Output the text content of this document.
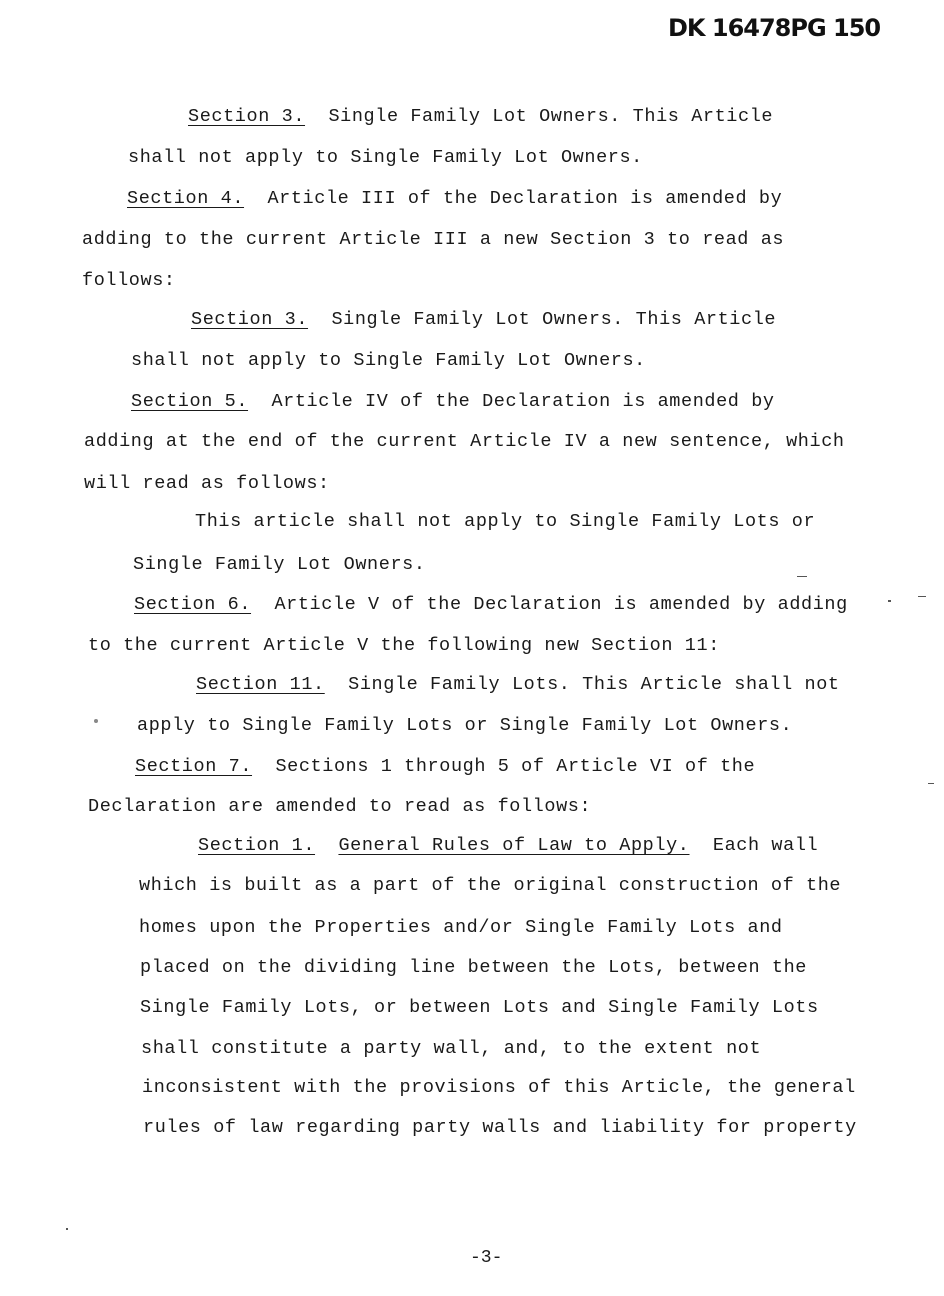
DK 16478PG 150
Section 3. Single Family Lot Owners. This Article
shall not apply to Single Family Lot Owners.
Section 4. Article III of the Declaration is amended by
adding to the current Article III a new Section 3 to read as
follows:
Section 3. Single Family Lot Owners. This Article
shall not apply to Single Family Lot Owners.
Section 5. Article IV of the Declaration is amended by
adding at the end of the current Article IV a new sentence, which
will read as follows:
This article shall not apply to Single Family Lots or
Single Family Lot Owners.
Section 6. Article V of the Declaration is amended by adding
to the current Article V the following new Section 11:
Section 11. Single Family Lots. This Article shall not
apply to Single Family Lots or Single Family Lot Owners.
Section 7. Sections 1 through 5 of Article VI of the
Declaration are amended to read as follows:
Section 1. General Rules of Law to Apply. Each wall
which is built as a part of the original construction of the
homes upon the Properties and/or Single Family Lots and
placed on the dividing line between the Lots, between the
Single Family Lots, or between Lots and Single Family Lots
shall constitute a party wall, and, to the extent not
inconsistent with the provisions of this Article, the general
rules of law regarding party walls and liability for property
-3-
